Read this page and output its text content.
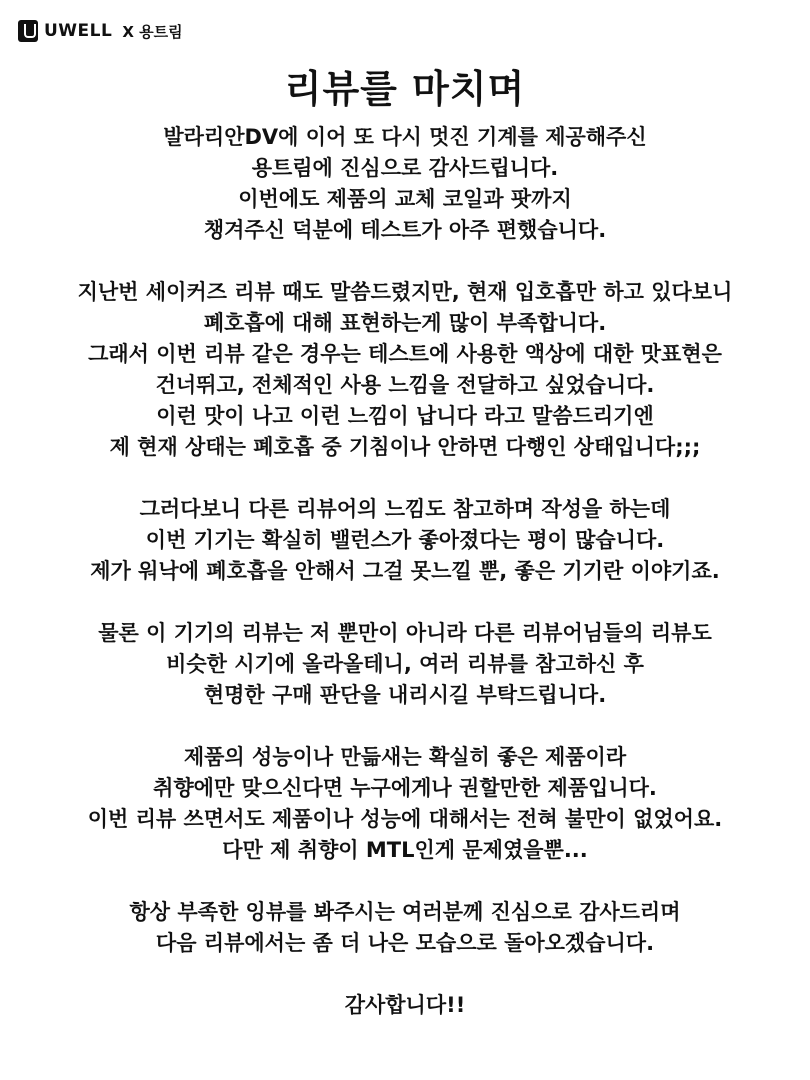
UWELL X 용트림
리뷰를 마치며
발라리안DV에 이어 또 다시 멋진 기계를 제공해주신
용트림에 진심으로 감사드립니다.
이번에도 제품의 교체 코일과 팟까지
챙겨주신 덕분에 테스트가 아주 편했습니다.
지난번 세이커즈 리뷰 때도 말씀드렸지만, 현재 입호흡만 하고 있다보니
폐호흡에 대해 표현하는게 많이 부족합니다.
그래서 이번 리뷰 같은 경우는 테스트에 사용한 액상에 대한 맛표현은
건너뛰고, 전체적인 사용 느낌을 전달하고 싶었습니다.
이런 맛이 나고 이런 느낌이 납니다 라고 말씀드리기엔
제 현재 상태는 폐호흡 중 기침이나 안하면 다행인 상태입니다;;;
그러다보니 다른 리뷰어의 느낌도 참고하며 작성을 하는데
이번 기기는 확실히 밸런스가 좋아졌다는 평이 많습니다.
제가 워낙에 폐호흡을 안해서 그걸 못느낄 뿐, 좋은 기기란 이야기죠.
물론 이 기기의 리뷰는 저 뿐만이 아니라 다른 리뷰어님들의 리뷰도
비슷한 시기에 올라올테니, 여러 리뷰를 참고하신 후
현명한 구매 판단을 내리시길 부탁드립니다.
제품의 성능이나 만듦새는 확실히 좋은 제품이라
취향에만 맞으신다면 누구에게나 권할만한 제품입니다.
이번 리뷰 쓰면서도 제품이나 성능에 대해서는 전혀 불만이 없었어요.
다만 제 취향이 MTL인게 문제였을뿐...
항상 부족한 잉뷰를 봐주시는 여러분께 진심으로 감사드리며
다음 리뷰에서는 좀 더 나은 모습으로 돌아오겠습니다.
감사합니다!!
